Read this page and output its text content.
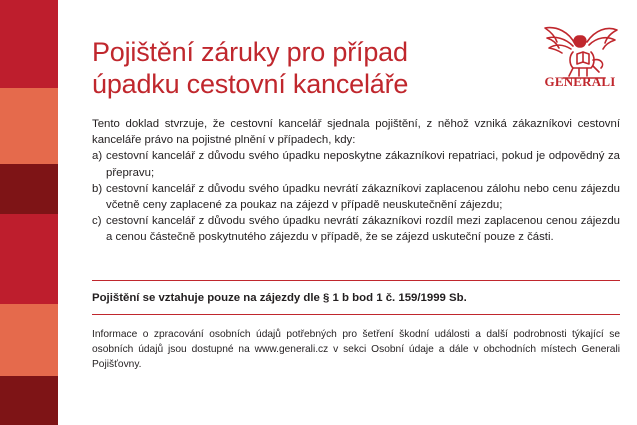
Pojištění záruky pro případ
úpadku cestovní kanceláře	GENERALI

Tento doklad stvrzuje, že cestovní kancelář sjednala pojištění, z něhož vzniká zákazníkovi cestovní kanceláře právo na pojistné plnění v případech, kdy:

a) cestovní kancelář z důvodu svého úpadku neposkytne zákazníkovi repatriaci, pokud je odpovědný za přepravu;
b) cestovní kancelář z důvodu svého úpadku nevrátí zákazníkovi zaplacenou zálohu nebo cenu zájezdu včetně ceny zaplacené za poukaz na zájezd v případě neuskutečnění zájezdu;
c) cestovní kancelář z důvodu svého úpadku nevrátí zákazníkovi rozdíl mezi zaplacenou cenou zájezdu a cenou částečně poskytnutého zájezdu v případě, že se zájezd uskuteční pouze z části.
Pojištění se vztahuje pouze na zájezdy dle § 1 b bod 1 č. 159/1999 Sb.
Informace o zpracování osobních údajů potřebných pro šetření škodní události a další podrobnosti týkající se osobních údajů jsou dostupné na www.generali.cz v sekci Osobní údaje a dále v obchodních místech Generali Pojišťovny.
